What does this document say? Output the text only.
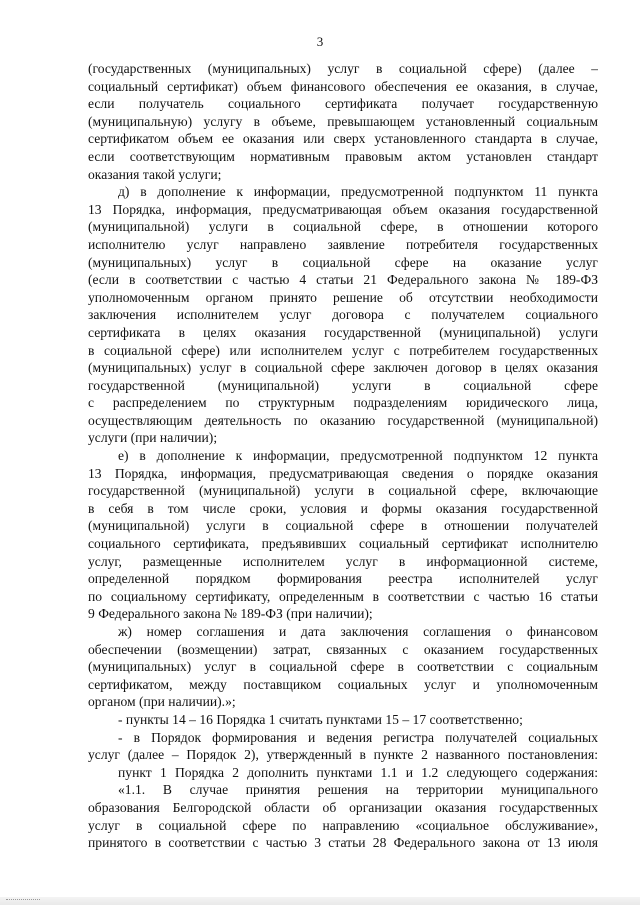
3
(государственных (муниципальных) услуг в социальной сфере) (далее –
социальный сертификат) объем финансового обеспечения ее оказания, в случае,
если получатель социального сертификата получает государственную
(муниципальную) услугу в объеме, превышающем установленный социальным
сертификатом объем ее оказания или сверх установленного стандарта в случае,
если соответствующим нормативным правовым актом установлен стандарт
оказания такой услуги;
д) в дополнение к информации, предусмотренной подпунктом 11 пункта
13 Порядка, информация, предусматривающая объем оказания государственной
(муниципальной) услуги в социальной сфере, в отношении которого
исполнителю услуг направлено заявление потребителя государственных
(муниципальных) услуг в социальной сфере на оказание услуг
(если в соответствии с частью 4 статьи 21 Федерального закона № 189-ФЗ
уполномоченным органом принято решение об отсутствии необходимости
заключения исполнителем услуг договора с получателем социального
сертификата в целях оказания государственной (муниципальной) услуги
в социальной сфере) или исполнителем услуг с потребителем государственных
(муниципальных) услуг в социальной сфере заключен договор в целях оказания
государственной (муниципальной) услуги в социальной сфере
с распределением по структурным подразделениям юридического лица,
осуществляющим деятельность по оказанию государственной (муниципальной)
услуги (при наличии);
е) в дополнение к информации, предусмотренной подпунктом 12 пункта
13 Порядка, информация, предусматривающая сведения о порядке оказания
государственной (муниципальной) услуги в социальной сфере, включающие
в себя в том числе сроки, условия и формы оказания государственной
(муниципальной) услуги в социальной сфере в отношении получателей
социального сертификата, предъявивших социальный сертификат исполнителю
услуг, размещенные исполнителем услуг в информационной системе,
определенной порядком формирования реестра исполнителей услуг
по социальному сертификату, определенным в соответствии с частью 16 статьи
9 Федерального закона № 189-ФЗ (при наличии);
ж) номер соглашения и дата заключения соглашения о финансовом
обеспечении (возмещении) затрат, связанных с оказанием государственных
(муниципальных) услуг в социальной сфере в соответствии с социальным
сертификатом, между поставщиком социальных услуг и уполномоченным
органом (при наличии).»;
- пункты 14 – 16 Порядка 1 считать пунктами 15 – 17 соответственно;
- в Порядок формирования и ведения регистра получателей социальных
услуг (далее – Порядок 2), утвержденный в пункте 2 названного постановления:
пункт 1 Порядка 2 дополнить пунктами 1.1 и 1.2 следующего содержания:
«1.1. В случае принятия решения на территории муниципального
образования Белгородской области об организации оказания государственных
услуг в социальной сфере по направлению «социальное обслуживание»,
принятого в соответствии с частью 3 статьи 28 Федерального закона от 13 июля
